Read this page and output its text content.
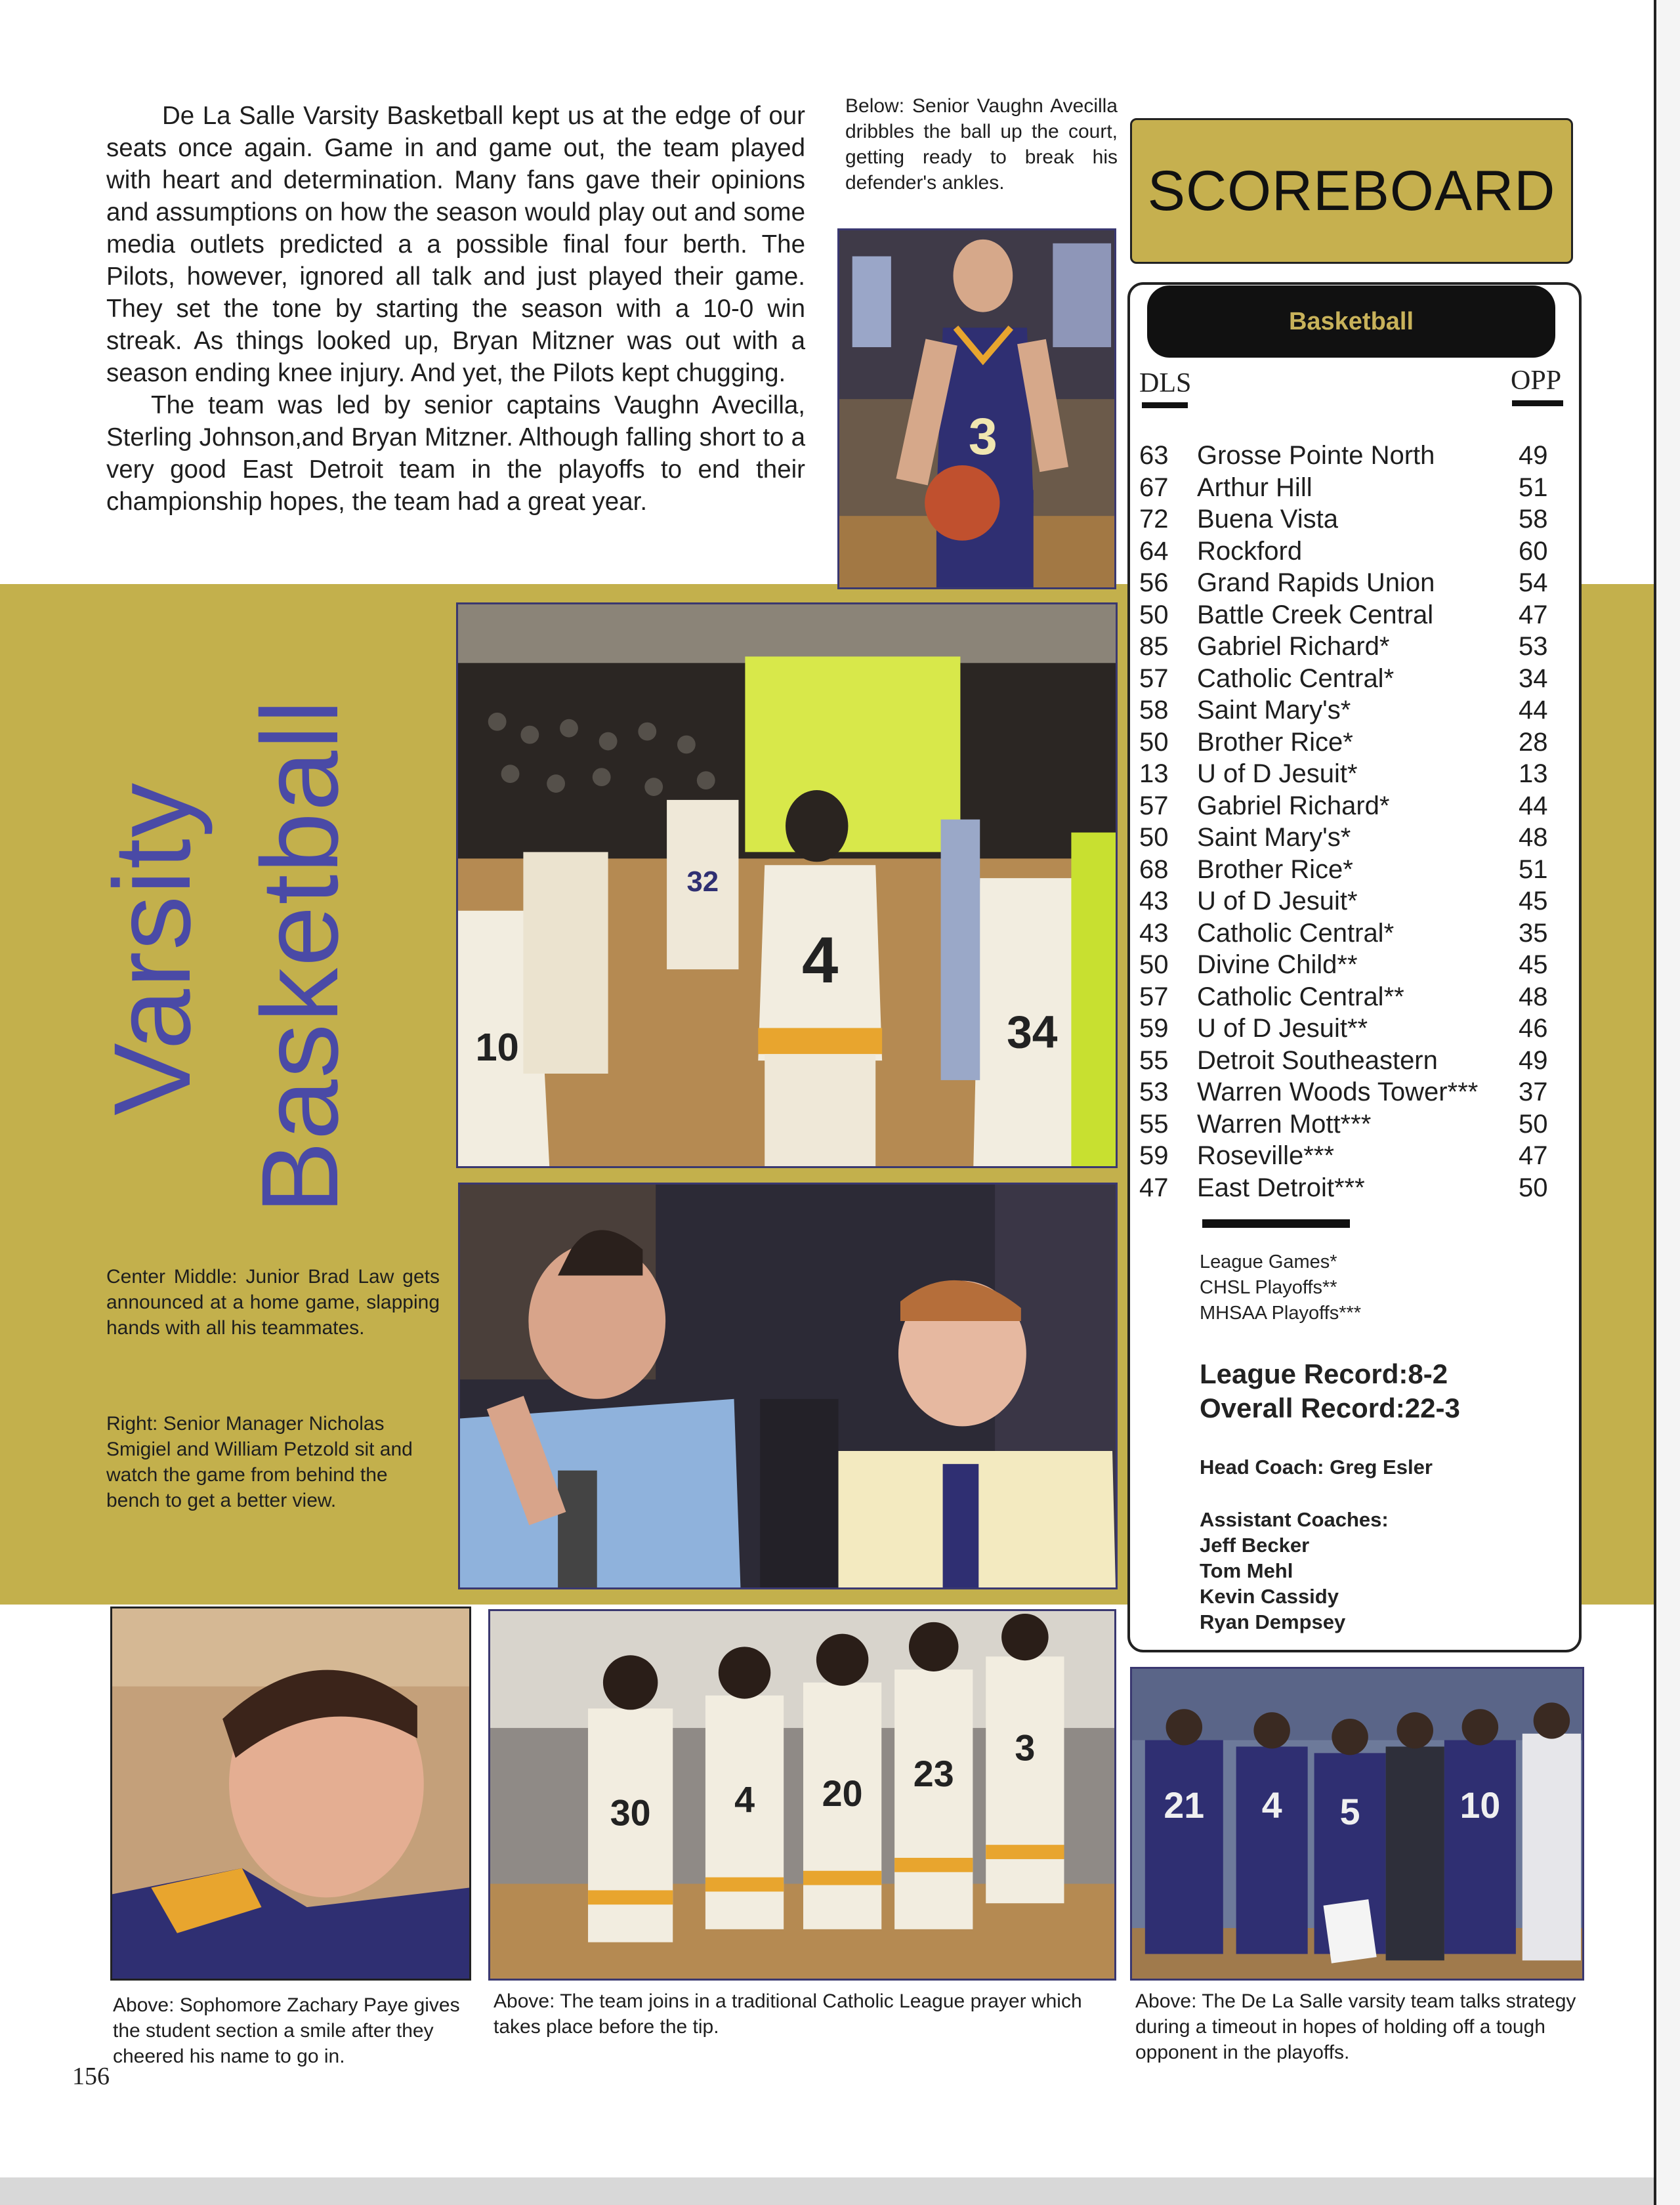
De La Salle Varsity Basketball kept us at the edge of our seats once again. Game in and game out, the team played with heart and determination. Many fans gave their opinions and assumptions on how the season would play out and some media outlets predicted a a possible final four berth. The Pilots, however, ignored all talk and just played their game. They set the tone by starting the season with a 10-0 win streak. As things looked up, Bryan Mitzner was out with a season ending knee injury. And yet, the Pilots kept chugging.

The team was led by senior captains Vaughn Avecilla, Sterling Johnson,and Bryan Mitzner. Although falling short to a very good East Detroit team in the playoffs to end their championship hopes, the team had a great year.

Below: Senior Vaughn Avecilla dribbles the ball up the court, getting ready to break his defender's ankles.
3
Varsity Basketball	32
4
34
10
Center Middle: Junior Brad Law gets announced at a home game, slapping hands with all his teammates.
Right: Senior Manager Nicholas Smigiel and William Petzold sit and watch the game from behind the bench to get a better view.
SCOREBOARD
Basketball
DLS	OPP
63	Grosse Pointe North	49
67	Arthur Hill	51
72	Buena Vista	58
64	Rockford	60
56	Grand Rapids Union	54
50	Battle Creek Central	47
85	Gabriel Richard*	53
57	Catholic Central*	34
58	Saint Mary's*	44
50	Brother Rice*	28
13	U of D Jesuit*	13
57	Gabriel Richard*	44
50	Saint Mary's*	48
68	Brother Rice*	51
43	U of D Jesuit*	45
43	Catholic Central*	35
50	Divine Child**	45
57	Catholic Central**	48
59	U of D Jesuit**	46
55	Detroit Southeastern	49
53	Warren Woods Tower***	37
55	Warren Mott***	50
59	Roseville***	47
47	East Detroit***	50
League Games*
CHSL Playoffs**
MHSAA Playoffs***
League Record:8-2
Overall Record:22-3
Head Coach: Greg Esler
Assistant Coaches:
Jeff Becker
Tom Mehl
Kevin Cassidy
Ryan Dempsey
30 4 20 23
3
21 4 5	10
Above: Sophomore Zachary Paye gives the student section a smile after they cheered his name to go in.
Above: The team joins in a traditional Catholic League prayer which takes place before the tip.
Above: The De La Salle varsity team talks strategy during a timeout in hopes of holding off a tough opponent in the playoffs.
156
